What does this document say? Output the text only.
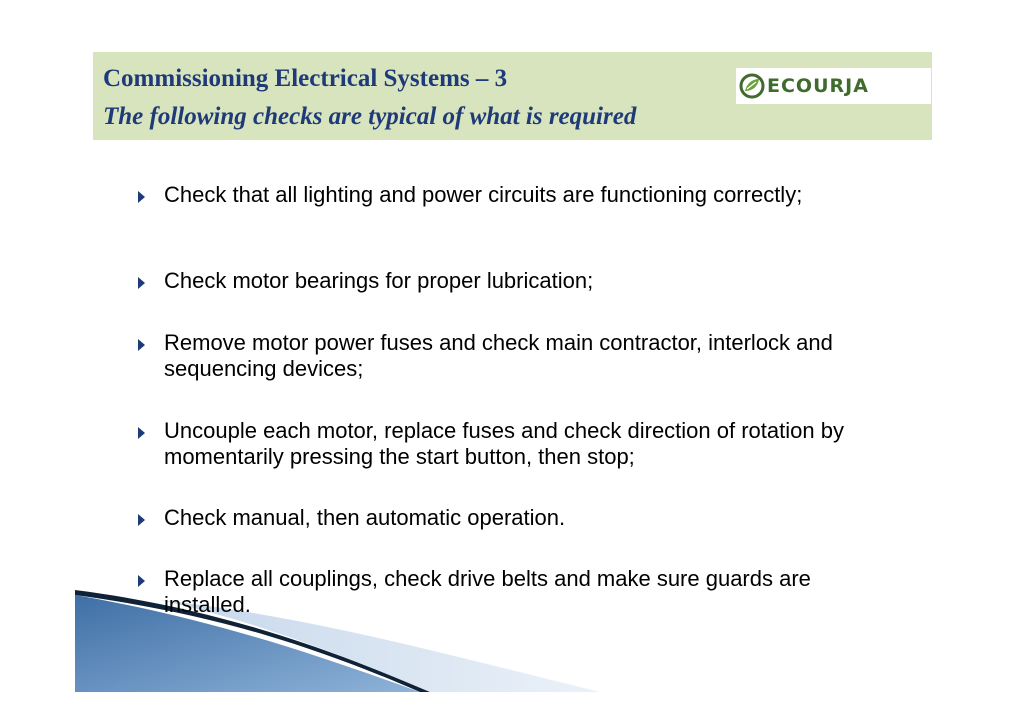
Commissioning Electrical Systems – 3
The following checks are typical of what is required
ECOURJA
Check that all lighting and power circuits are functioning correctly;
Check motor bearings for proper lubrication;
Remove motor power fuses and check main contractor, interlock and sequencing devices;
Uncouple each motor, replace fuses and check direction of rotation by momentarily pressing the start button, then stop;
Check manual, then automatic operation.
Replace all couplings, check drive belts and make sure guards are installed.
